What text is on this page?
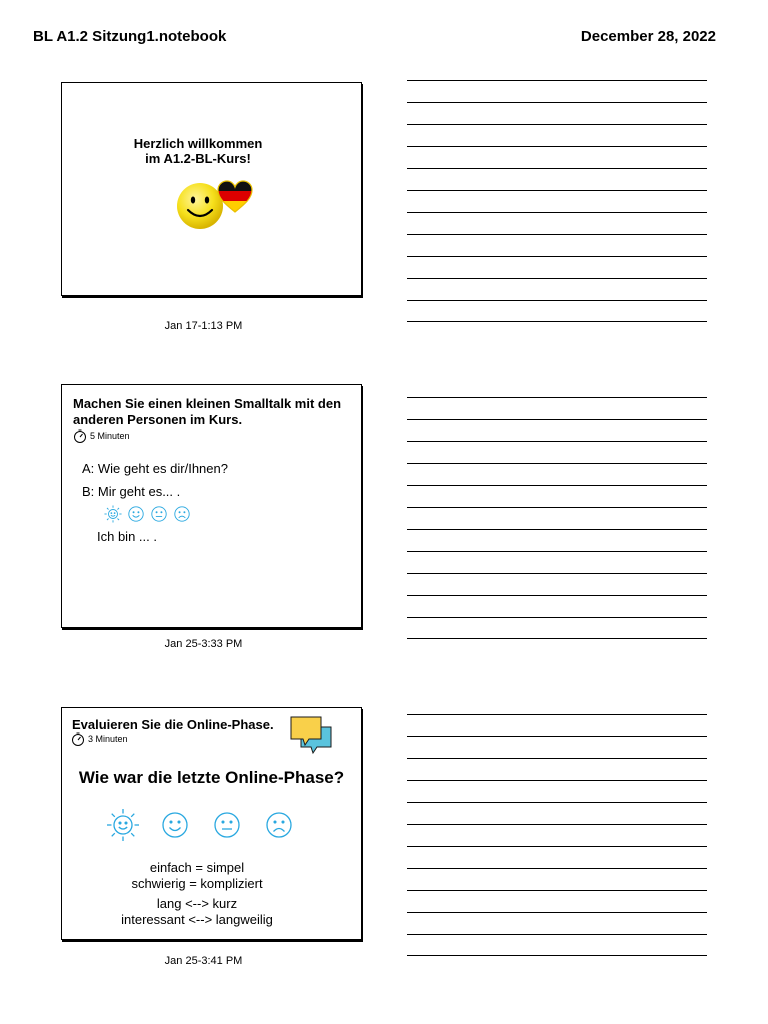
BL A1.2 Sitzung1.notebook	December 28, 2022
Herzlich willkommen
im A1.2-BL-Kurs!
Jan 17-1:13 PM
Machen Sie einen kleinen Smalltalk mit den anderen Personen im Kurs.
5 Minuten
A: Wie geht es dir/Ihnen?
B: Mir geht es... .
Ich bin ... .
Jan 25-3:33 PM
Evaluieren Sie die Online-Phase.
3 Minuten
Wie war die letzte Online-Phase?
einfach = simpel
schwierig = kompliziert
lang <--> kurz
interessant <--> langweilig
Jan 25-3:41 PM
